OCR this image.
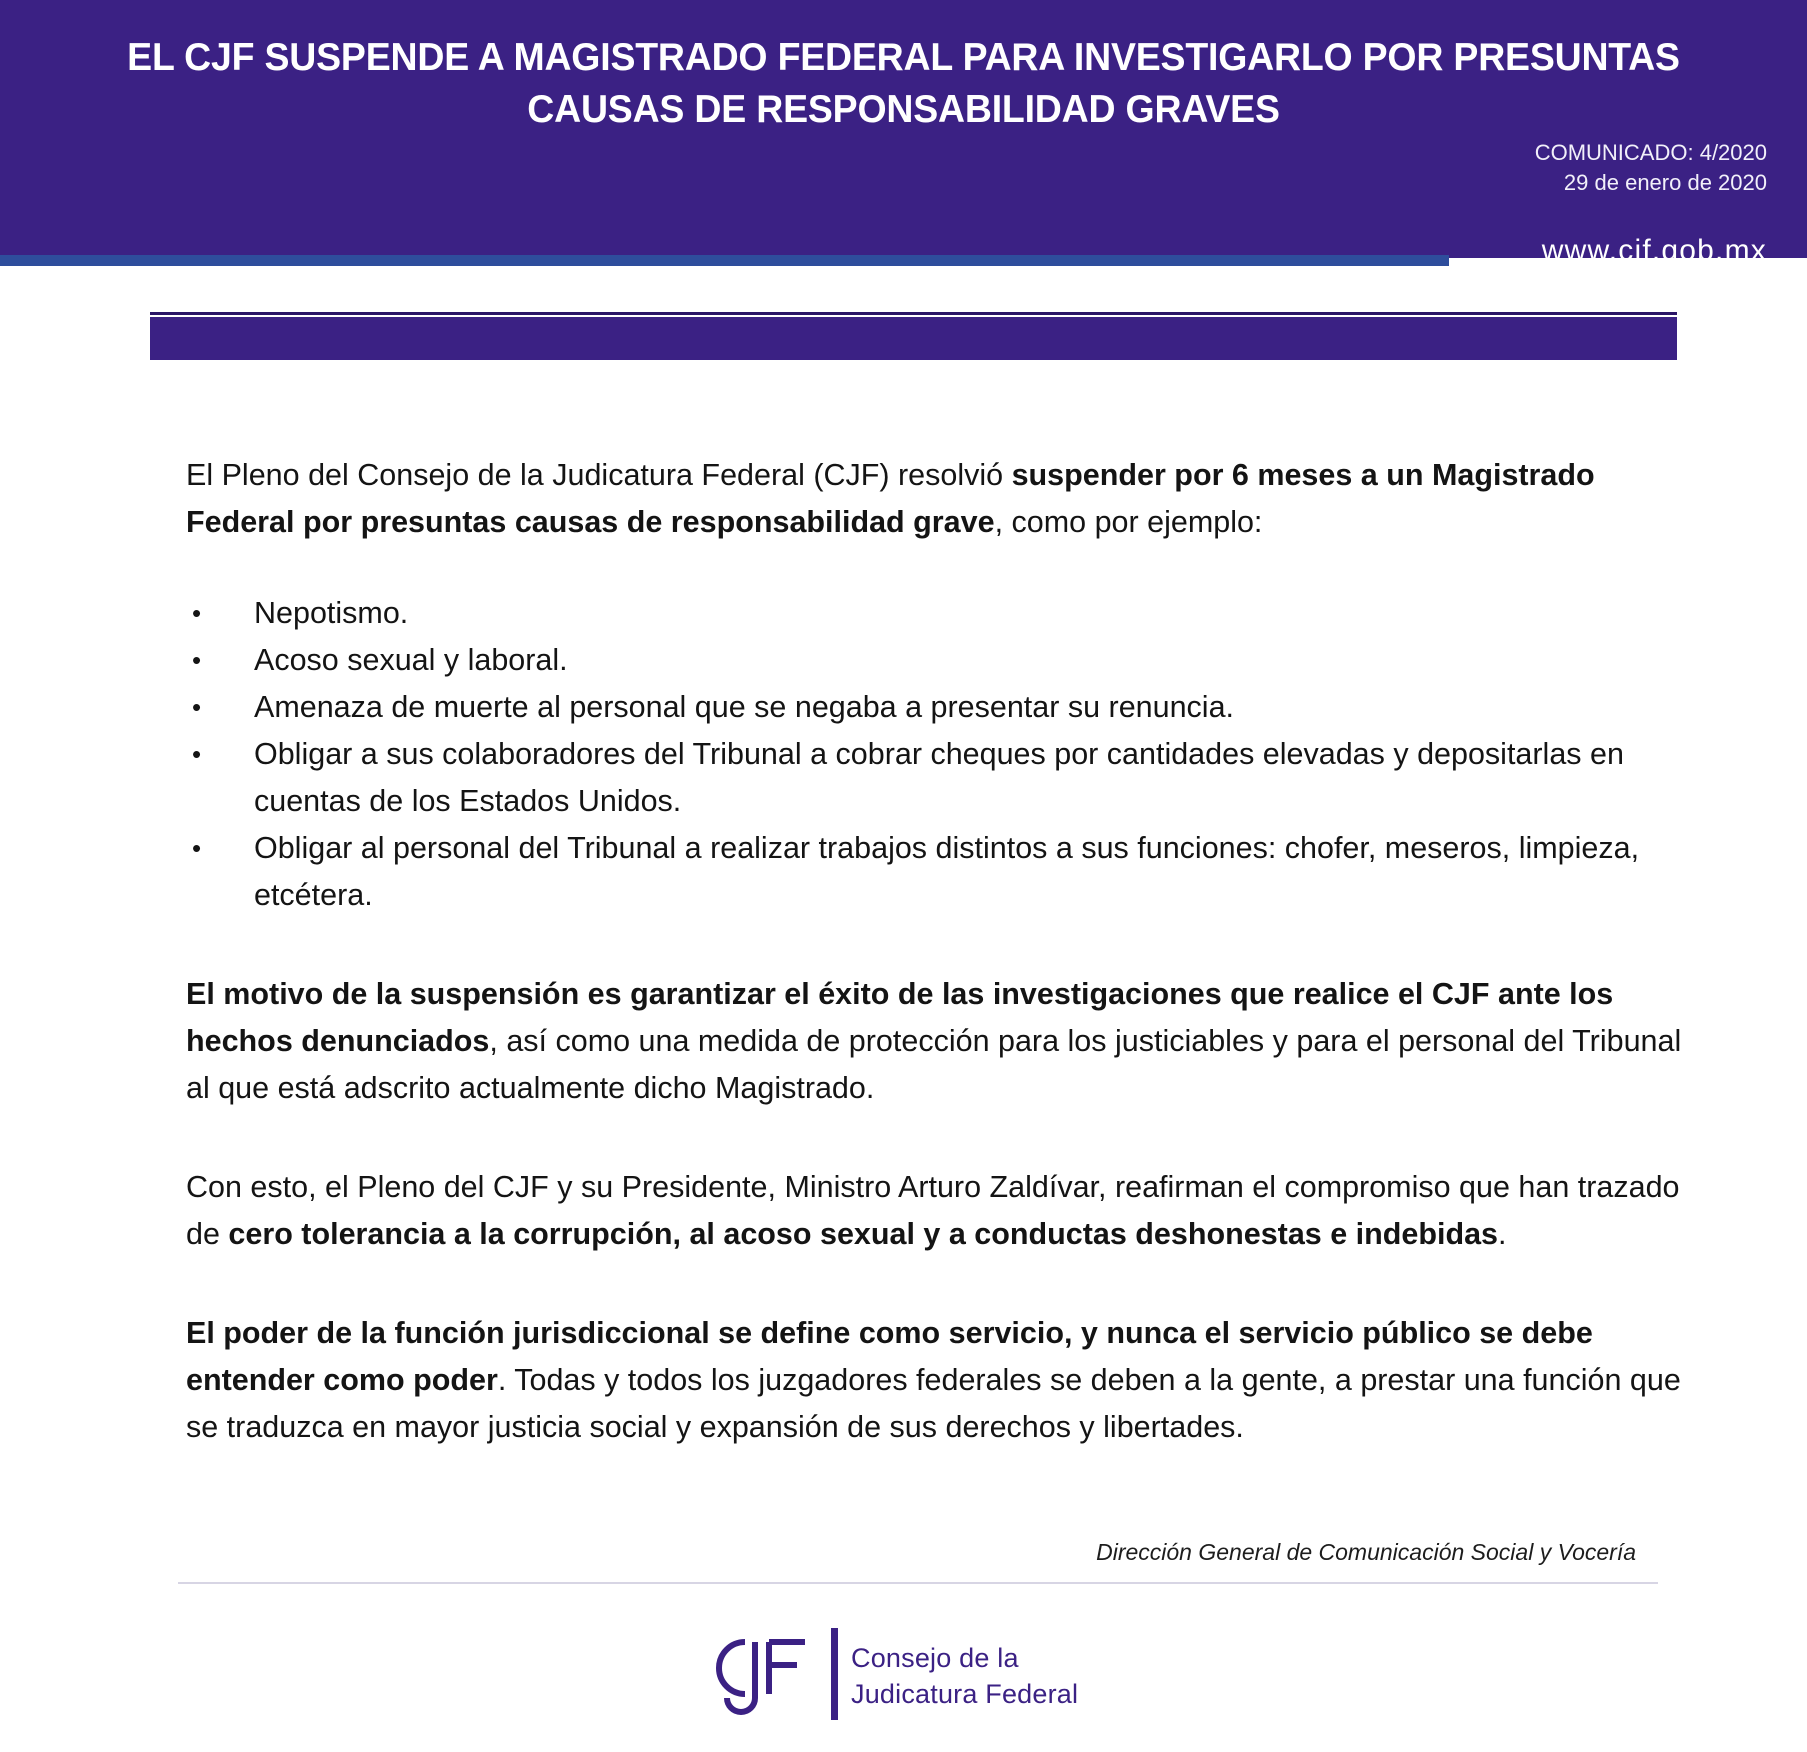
EL CJF SUSPENDE A MAGISTRADO FEDERAL PARA INVESTIGARLO POR PRESUNTAS CAUSAS DE RESPONSABILIDAD GRAVES
COMUNICADO: 4/2020
29 de enero de 2020
www.cjf.gob.mx

El Pleno del Consejo de la Judicatura Federal (CJF) resolvió suspender por 6 meses a un Magistrado Federal por presuntas causas de responsabilidad grave, como por ejemplo:

• Nepotismo.
• Acoso sexual y laboral.
• Amenaza de muerte al personal que se negaba a presentar su renuncia.
• Obligar a sus colaboradores del Tribunal a cobrar cheques por cantidades elevadas y depositarlas en cuentas de los Estados Unidos.
• Obligar al personal del Tribunal a realizar trabajos distintos a sus funciones: chofer, meseros, limpieza, etcétera.

El motivo de la suspensión es garantizar el éxito de las investigaciones que realice el CJF ante los hechos denunciados, así como una medida de protección para los justiciables y para el personal del Tribunal al que está adscrito actualmente dicho Magistrado.

Con esto, el Pleno del CJF y su Presidente, Ministro Arturo Zaldívar, reafirman el compromiso que han trazado de cero tolerancia a la corrupción, al acoso sexual y a conductas deshonestas e indebidas.

El poder de la función jurisdiccional se define como servicio, y nunca el servicio público se debe entender como poder. Todas y todos los juzgadores federales se deben a la gente, a prestar una función que se traduzca en mayor justicia social y expansión de sus derechos y libertades.

Dirección General de Comunicación Social y Vocería
Consejo de la
Judicatura Federal
